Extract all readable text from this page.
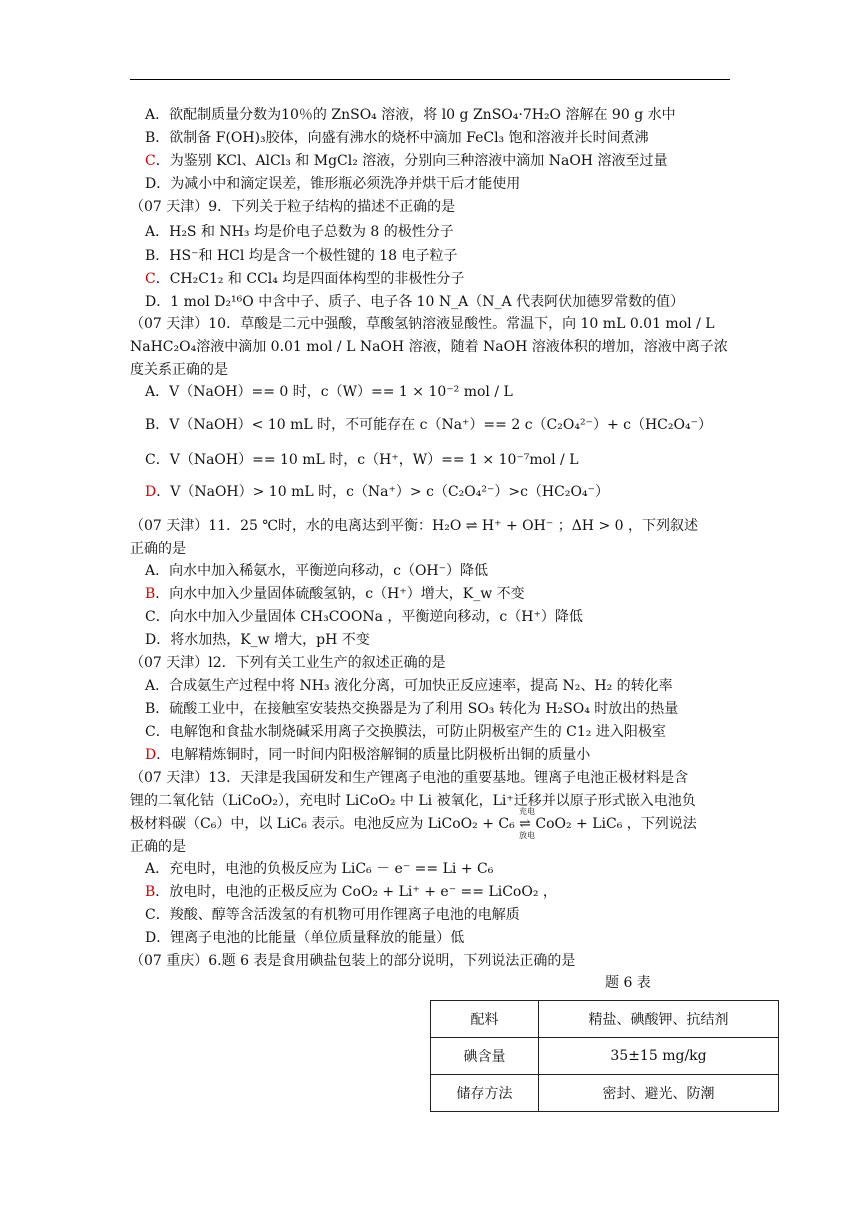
A．欲配制质量分数为10％的 ZnSO₄ 溶液，将 l0 g ZnSO₄·7H₂O 溶解在 90 g 水中
B．欲制备 F(OH)₃胶体，向盛有沸水的烧杯中滴加 FeCl₃ 饱和溶液并长时间煮沸
C．为鉴别 KCl、AlCl₃ 和 MgCl₂ 溶液，分别向三种溶液中滴加 NaOH 溶液至过量
D．为减小中和滴定误差，锥形瓶必须洗净并烘干后才能使用
（07 天津）9．下列关于粒子结构的描述不正确的是
A．H₂S 和 NH₃ 均是价电子总数为 8 的极性分子
B．HS⁻和 HCl 均是含一个极性键的 18 电子粒子
C．CH₂C1₂ 和 CCl₄ 均是四面体构型的非极性分子
D．1 mol D₂¹⁶O 中含中子、质子、电子各 10 N_A（N_A 代表阿伏加德罗常数的值）
（07 天津）10．草酸是二元中强酸，草酸氢钠溶液显酸性。常温下，向 10 mL 0.01 mol / L
NaHC₂O₄溶液中滴加 0.01 mol / L NaOH 溶液，随着 NaOH 溶液体积的增加，溶液中离子浓
度关系正确的是
A．V（NaOH）== 0 时，c（W）== 1 × 10⁻² mol / L
B．V（NaOH）< 10 mL 时，不可能存在 c（Na⁺）== 2 c（C₂O₄²⁻）+ c（HC₂O₄⁻）
C．V（NaOH）== 10 mL 时，c（H⁺，W）== 1 × 10⁻⁷mol / L
D．V（NaOH）> 10 mL 时，c（Na⁺）> c（C₂O₄²⁻）>c（HC₂O₄⁻）
（07 天津）11．25 ℃时，水的电离达到平衡：H₂O ⇌ H⁺ + OH⁻ ；ΔH > 0 ，下列叙述
正确的是
A．向水中加入稀氨水，平衡逆向移动，c（OH⁻）降低
B．向水中加入少量固体硫酸氢钠，c（H⁺）增大，K_w 不变
C．向水中加入少量固体 CH₃COONa ，平衡逆向移动，c（H⁺）降低
D．将水加热，K_w 增大，pH 不变
（07 天津）l2．下列有关工业生产的叙述正确的是
A．合成氨生产过程中将 NH₃ 液化分离，可加快正反应速率，提高 N₂、H₂ 的转化率
B．硫酸工业中，在接触室安装热交换器是为了利用 SO₃ 转化为 H₂SO₄ 时放出的热量
C．电解饱和食盐水制烧碱采用离子交换膜法，可防止阴极室产生的 C1₂ 进入阳极室
D．电解精炼铜时，同一时间内阳极溶解铜的质量比阴极析出铜的质量小
（07 天津）13．天津是我国研发和生产锂离子电池的重要基地。锂离子电池正极材料是含
锂的二氧化钴（LiCoO₂），充电时 LiCoO₂ 中 Li 被氧化，Li⁺迁移并以原子形式嵌入电池负
极材料碳（C₆）中，以 LiC₆ 表示。电池反应为 LiCoO₂ + C₆ ⇌ CoO₂ + LiC₆ ，下列说法
充电
放电
正确的是
A．充电时，电池的负极反应为 LiC₆ － e⁻ == Li + C₆
B．放电时，电池的正极反应为 CoO₂ + Li⁺ + e⁻ == LiCoO₂ ，
C．羧酸、醇等含活泼氢的有机物可用作锂离子电池的电解质
D．锂离子电池的比能量（单位质量释放的能量）低
（07 重庆）6.题 6 表是食用碘盐包装上的部分说明，下列说法正确的是
题 6 表
配料	精盐、碘酸钾、抗结剂
碘含量	35±15 mg/kg
储存方法	密封、避光、防潮
